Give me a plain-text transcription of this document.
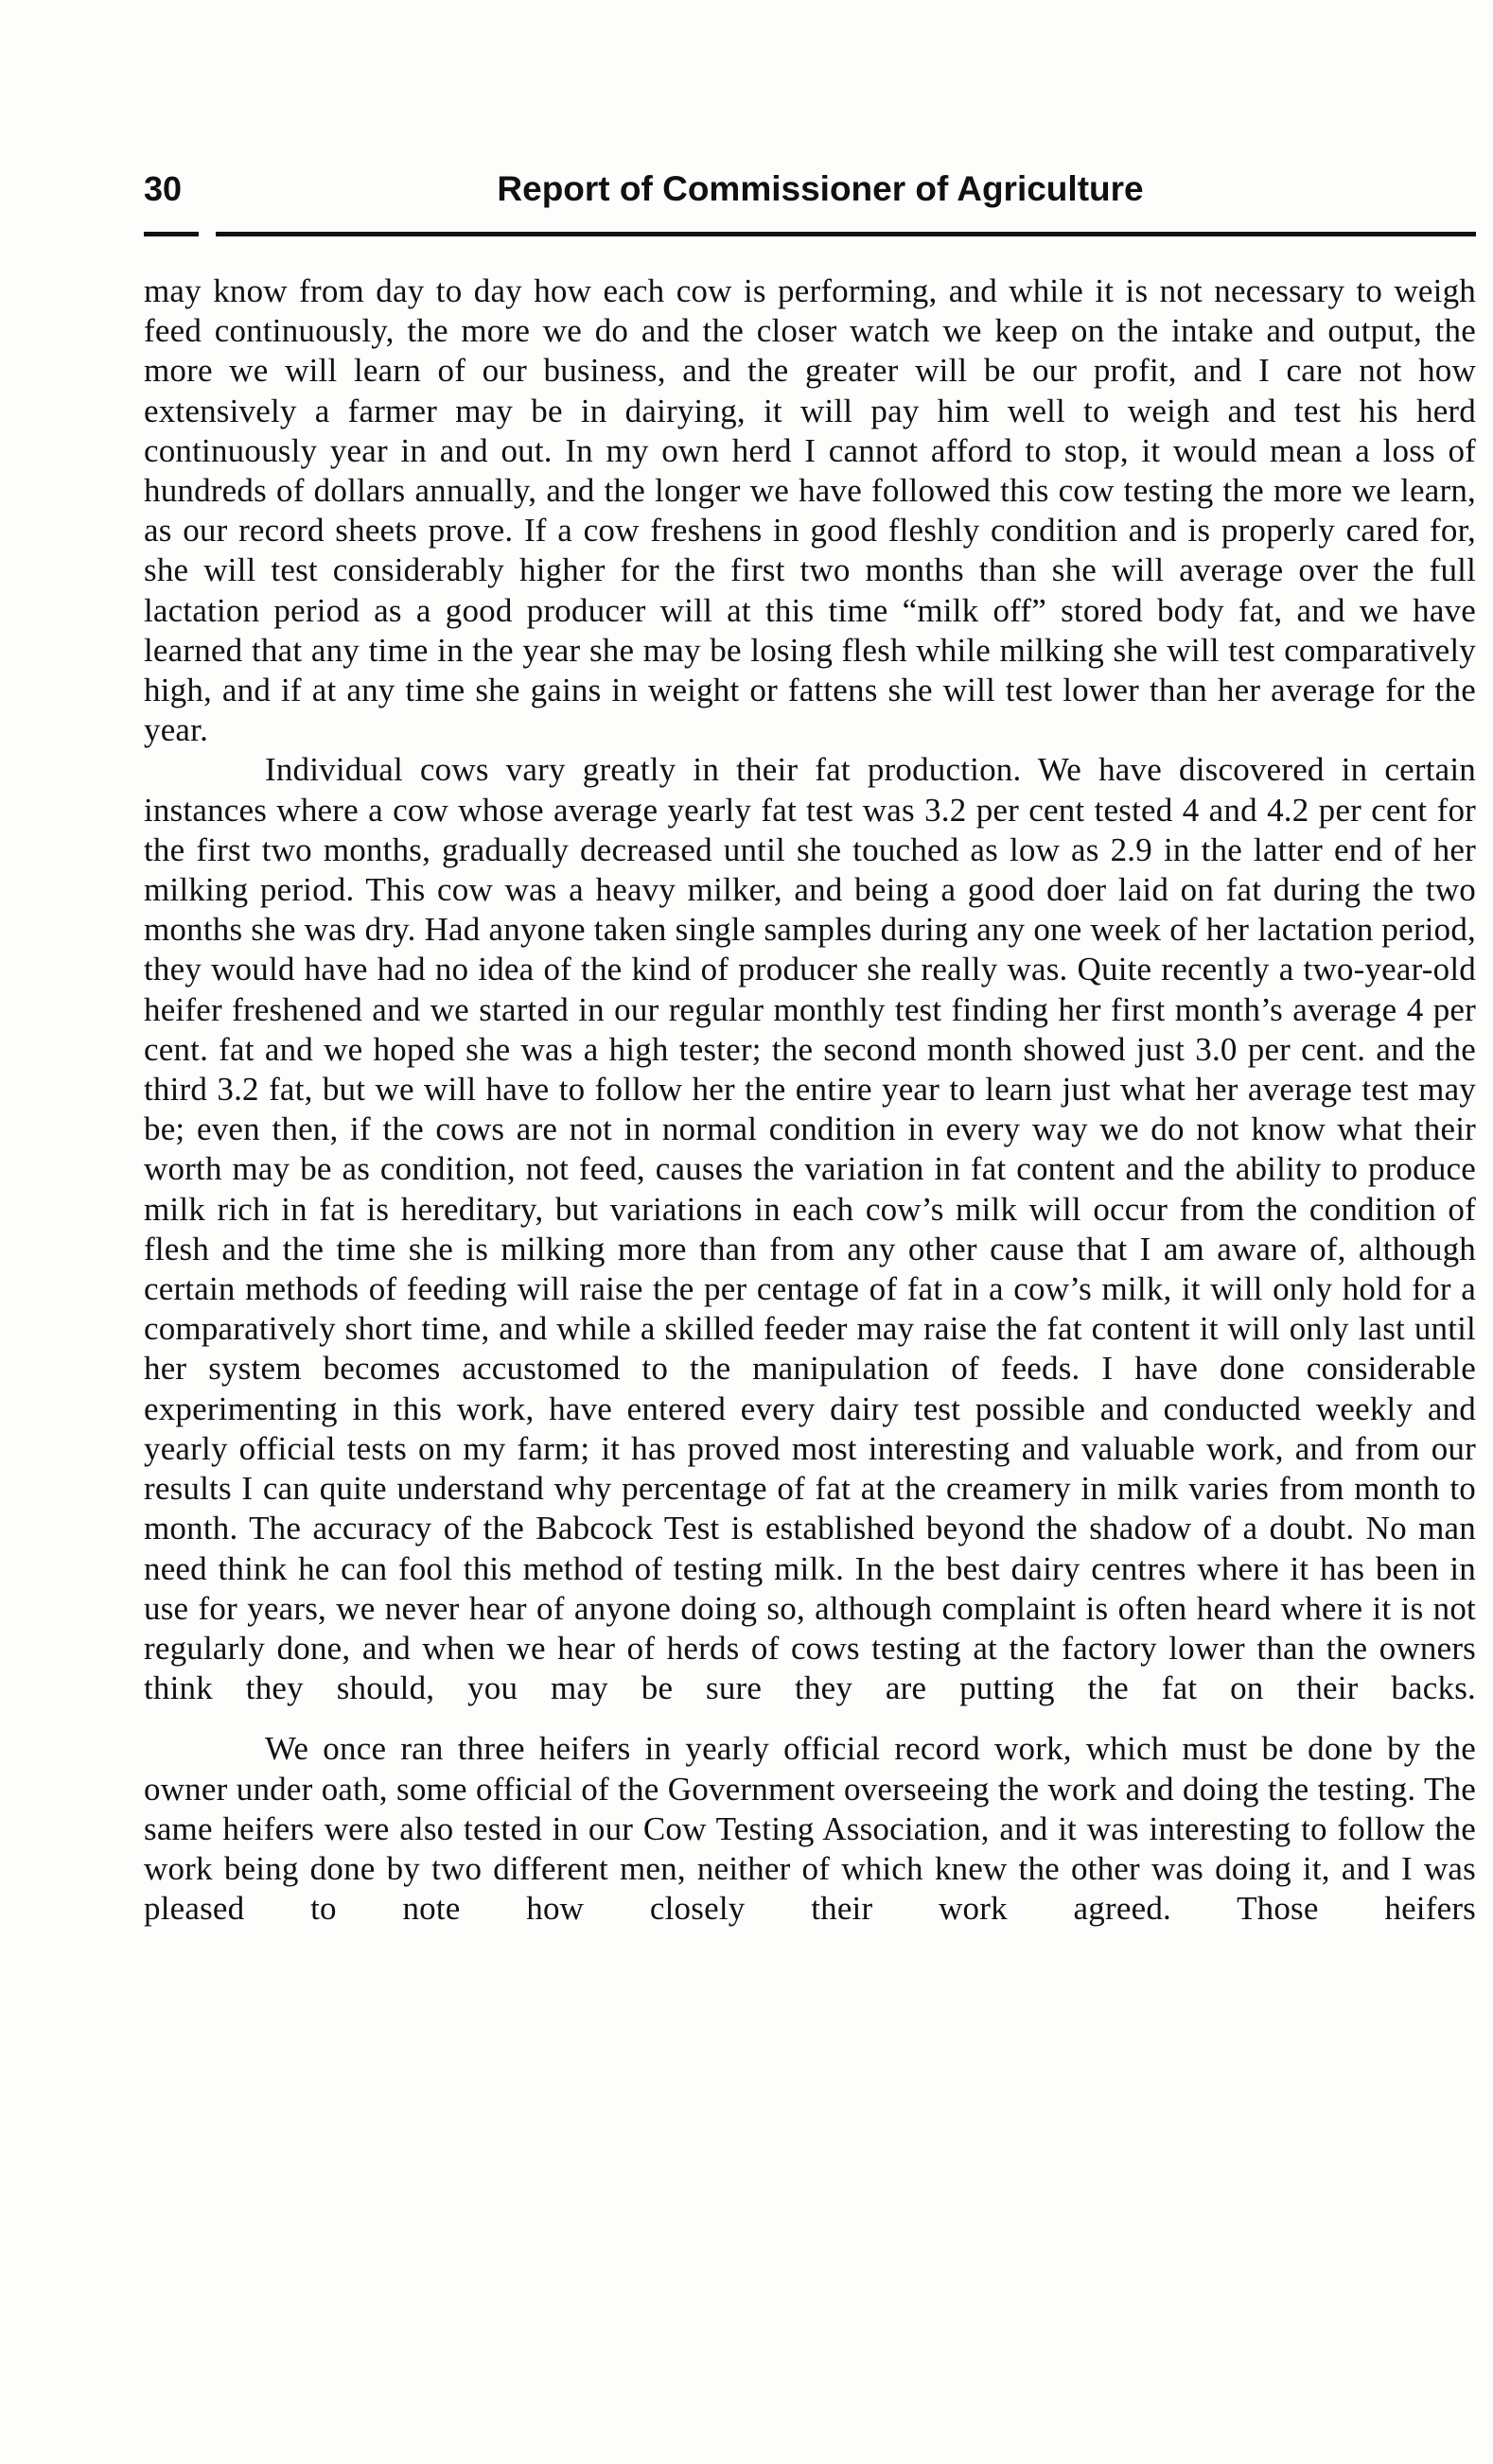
30	Report of Commissioner of Agriculture

may know from day to day how each cow is performing, and while it is not necessary to weigh feed continuously, the more we do and the closer watch we keep on the intake and output, the more we will learn of our business, and the greater will be our profit, and I care not how extensively a farmer may be in dairying, it will pay him well to weigh and test his herd continuously year in and out. In my own herd I cannot afford to stop, it would mean a loss of hundreds of dollars annually, and the longer we have followed this cow testing the more we learn, as our record sheets prove. If a cow freshens in good fleshly condition and is properly cared for, she will test considerably higher for the first two months than she will average over the full lactation period as a good producer will at this time “milk off” stored body fat, and we have learned that any time in the year she may be losing flesh while milking she will test comparatively high, and if at any time she gains in weight or fattens she will test lower than her average for the year.

Individual cows vary greatly in their fat production. We have discovered in certain instances where a cow whose average yearly fat test was 3.2 per cent tested 4 and 4.2 per cent for the first two months, gradually decreased until she touched as low as 2.9 in the latter end of her milking period. This cow was a heavy milker, and being a good doer laid on fat during the two months she was dry. Had anyone taken single samples during any one week of her lactation period, they would have had no idea of the kind of producer she really was. Quite recently a two-year-old heifer freshened and we started in our regular monthly test finding her first month’s average 4 per cent. fat and we hoped she was a high tester; the second month showed just 3.0 per cent. and the third 3.2 fat, but we will have to follow her the entire year to learn just what her average test may be; even then, if the cows are not in normal condition in every way we do not know what their worth may be as condition, not feed, causes the variation in fat content and the ability to produce milk rich in fat is hereditary, but variations in each cow’s milk will occur from the condition of flesh and the time she is milking more than from any other cause that I am aware of, although certain methods of feeding will raise the per centage of fat in a cow’s milk, it will only hold for a comparatively short time, and while a skilled feeder may raise the fat content it will only last until her system becomes accustomed to the manipulation of feeds. I have done considerable experimenting in this work, have entered every dairy test possible and conducted weekly and yearly official tests on my farm; it has proved most interesting and valuable work, and from our results I can quite understand why percentage of fat at the creamery in milk varies from month to month. The accuracy of the Babcock Test is established beyond the shadow of a doubt. No man need think he can fool this method of testing milk. In the best dairy centres where it has been in use for years, we never hear of anyone doing so, although complaint is often heard where it is not regularly done, and when we hear of herds of cows testing at the factory lower than the owners think they should, you may be sure they are putting the fat on their backs.

We once ran three heifers in yearly official record work, which must be done by the owner under oath, some official of the Government overseeing the work and doing the testing. The same heifers were also tested in our Cow Testing Association, and it was interesting to follow the work being done by two different men, neither of which knew the other was doing it, and I was pleased to note how closely their work agreed. Those heifers
